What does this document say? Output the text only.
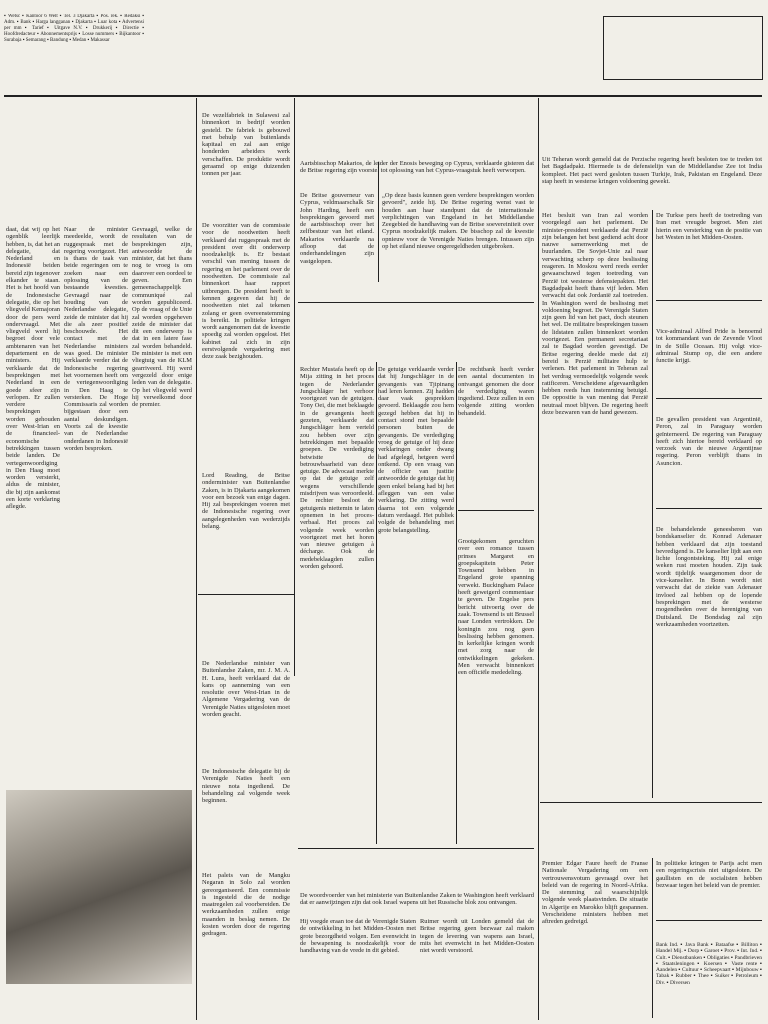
▪ Wetsc ▪ Kantoor 6 Welt ▪ Tel. 3 Djakarta ▪ Pos. rek. ▪ Redaksi ▪ Adm. ▪ Bank ▪ Harga langganan ▪ Djakarta ▪ Luar kota ▪ Advertensi per mm ▪ Tarief ▪ Uitgave N.V. ▪ Drukkerij ▪ Directie ▪ Hoofdredacteur ▪ Abonnementsprijs ▪ Losse nummers ▪ Bijkantoor ▪ Surabaja ▪ Semarang ▪ Bandung ▪ Medan ▪ Makassar
daat, dat wij op het ogenblik leerlijk hebben, is, dat het an delegatie, dat Nederland en Indonesië beiden bereid zijn tegenover elkander te staan. Het is het hoofd van de Indonesische delegatie, die op het vliegveld Kemajoran door de pers werd ondervraagd. Met vliegveld werd hij begroet door vele ambtenaren van het departement en de ministers. Hij verklaarde dat de besprekingen met Nederland in een goede sfeer zijn verlopen. Er zullen verdere besprekingen worden gehouden over West-Irian en de financieel-economische betrekkingen tussen beide landen. De vertegenwoordiging in Den Haag moet worden versterkt, aldus de minister, die bij zijn aankomst een korte verklaring aflegde.
Naar de minister meedeelde, wordt de ruggespraak met de regering voortgezet. Het is thans de taak van beide regeringen om te zoeken naar een oplossing van de bestaande kwesties. Gevraagd naar de houding van de Nederlandse delegatie, zeide de minister dat hij die als zeer positief beschouwde. Het contact met de Nederlandse ministers was goed. De minister verklaarde verder dat de Indonesische regering het voornemen heeft om de vertegenwoordiging in Den Haag te versterken. De Hoge Commissaris zal worden bijgestaan door een aantal deskundigen. Voorts zal de kwestie van de Nederlandse onderdanen in Indonesië worden besproken.
Gevraagd, welke de resultaten van de besprekingen zijn, antwoordde de minister, dat het thans nog te vroeg is om daarover een oordeel te geven. Een gemeenschappelijk communiqué zal worden gepubliceerd. Op de vraag of de Unie zal worden opgeheven zeide de minister dat dit een onderwerp is dat in een latere fase zal worden behandeld. De minister is met een vliegtuig van de KLM gearriveerd. Hij werd vergezeld door enige leden van de delegatie. Op het vliegveld werd hij verwelkomd door de premier.
De vezelfabriek in Sulawesi zal binnenkort in bedrijf worden gesteld. De fabriek is gebouwd met behulp van buitenlands kapitaal en zal aan enige honderden arbeiders werk verschaffen. De produktie wordt geraamd op enige duizenden tonnen per jaar.
De voorzitter van de commissie voor de noodwetten heeft verklaard dat ruggespraak met de president over dit onderwerp noodzakelijk is. Er bestaat verschil van mening tussen de regering en het parlement over de noodwetten. De commissie zal binnenkort haar rapport uitbrengen. De president heeft te kennen gegeven dat hij de noodwetten niet zal tekenen zolang er geen overeenstemming is bereikt. In politieke kringen wordt aangenomen dat de kwestie spoedig zal worden opgelost. Het kabinet zal zich in zijn eerstvolgende vergadering met deze zaak bezighouden.
Lord Reading, de Britse onderminister van Buitenlandse Zaken, is in Djakarta aangekomen voor een bezoek van enige dagen. Hij zal besprekingen voeren met de Indonesische regering over aangelegenheden van wederzijds belang.
De Nederlandse minister van Buitenlandse Zaken, mr. J. M. A. H. Luns, heeft verklaard dat de kans op aanneming van een resolutie over West-Irian in de Algemene Vergadering van de Verenigde Naties uitgesloten moet worden geacht.
De Indonesische delegatie bij de Verenigde Naties heeft een nieuwe nota ingediend. De behandeling zal volgende week beginnen.
Het paleis van de Mangku Negaran in Solo zal worden gereorganiseerd. Een commissie is ingesteld die de nodige maatregelen zal voorbereiden. De werkzaamheden zullen enige maanden in beslag nemen. De kosten worden door de regering gedragen.
Aartsbisschop Makarios, de leider der Enosis beweging op Cyprus, verklaarde gisteren dat de Britse regering zijn voorstel tot oplossing van het Cyprus-vraagstuk heeft verworpen.
De Britse gouverneur van Cyprus, veldmaarschalk Sir John Harding, heeft een besprekingen gevoerd met de aartsbisschop over het zelfbestuur van het eiland. Makarios verklaarde na afloop dat de onderhandelingen zijn vastgelopen.
„Op deze basis kunnen geen verdere besprekingen worden gevoerd", zeide hij. De Britse regering wenst vast te houden aan haar standpunt dat de internationale verplichtingen van Engeland in het Middellandse Zeegebied de handhaving van de Britse soevereiniteit over Cyprus noodzakelijk maken. De bisschop zal de kwestie opnieuw voor de Verenigde Naties brengen. Intussen zijn op het eiland nieuwe ongeregeldheden uitgebroken.
Rechter Mustafa heeft op de Mija zitting in het proces tegen de Nederlander Jungschläger het verhoor voortgezet van de getuigen. Tony Oei, die met beklaagde in de gevangenis heeft gezeten, verklaarde dat Jungschläger hem verteld zou hebben over zijn betrekkingen met bepaalde groepen. De verdediging betwistte de betrouwbaarheid van deze getuige. De advocaat merkte op dat de getuige zelf wegens verschillende misdrijven was veroordeeld. De rechter besloot de getuigenis niettemin te laten opnemen in het proces-verbaal. Het proces zal volgende week worden voortgezet met het horen van nieuwe getuigen à décharge. Ook de medebeklaagden zullen worden gehoord.
De getuige verklaarde verder dat hij Jungschläger in de gevangenis van Tjipinang had leren kennen. Zij hadden daar vaak gesprekken gevoerd. Beklaagde zou hem gezegd hebben dat hij in contact stond met bepaalde personen buiten de gevangenis. De verdediging vroeg de getuige of hij deze verklaringen onder dwang had afgelegd, hetgeen werd ontkend. Op een vraag van de officier van justitie antwoordde de getuige dat hij geen enkel belang had bij het afleggen van een valse verklaring. De zitting werd daarna tot een volgende datum verdaagd. Het publiek volgde de behandeling met grote belangstelling.
De rechtbank heeft verder een aantal documenten in ontvangst genomen die door de verdediging waren ingediend. Deze zullen in een volgende zitting worden behandeld.
Grootgekomen geruchten over een romance tussen prinses Margaret en groepskapitein Peter Townsend hebben in Engeland grote spanning verwekt. Buckingham Palace heeft geweigerd commentaar te geven. De Engelse pers bericht uitvoerig over de zaak. Townsend is uit Brussel naar Londen vertrokken. De koningin zou nog geen beslissing hebben genomen. In kerkelijke kringen wordt met zorg naar de ontwikkelingen gekeken. Men verwacht binnenkort een officiële mededeling.
De woordvoerder van het ministerie van Buitenlandse Zaken te Washington heeft verklaard dat er aanwijzingen zijn dat ook Israel wapens uit het Russische blok zou ontvangen.
Hij voegde eraan toe dat de Verenigde Staten de ontwikkeling in het Midden-Oosten met grote bezorgdheid volgen. Een evenwicht in de bewapening is noodzakelijk voor de handhaving van de vrede in dit gebied.
Ruimer wordt uit Londen gemeld dat de Britse regering geen bezwaar zal maken tegen de levering van wapens aan Israel, mits het evenwicht in het Midden-Oosten niet wordt verstoord.
Uit Teheran wordt gemeld dat de Perzische regering heeft besloten toe te treden tot het Bagdadpakt. Hiermede is de defensielijn van de Middellandse Zee tot India kompleet. Het pact werd gesloten tussen Turkije, Irak, Pakistan en Engeland. Deze stap heeft in westerse kringen voldoening gewekt.
Het besluit van Iran zal worden voorgelegd aan het parlement. De minister-president verklaarde dat Perzië zijn belangen het best gediend acht door nauwe samenwerking met de buurlanden. De Sovjet-Unie zal naar verwachting scherp op deze beslissing reageren. In Moskou werd reeds eerder gewaarschuwd tegen toetreding van Perzië tot westerse defensiepakten. Het Bagdadpakt heeft thans vijf leden. Men verwacht dat ook Jordanië zal toetreden. In Washington werd de beslissing met voldoening begroet. De Verenigde Staten zijn geen lid van het pact, doch steunen het wel. De militaire besprekingen tussen de lidstaten zullen binnenkort worden voortgezet. Een permanent secretariaat zal te Bagdad worden gevestigd. De Britse regering deelde mede dat zij bereid is Perzië militaire hulp te verlenen. Het parlement in Teheran zal het verdrag vermoedelijk volgende week ratificeren. Verscheidene afgevaardigden hebben reeds hun instemming betuigd. De oppositie is van mening dat Perzië neutraal moet blijven. De regering heeft deze bezwaren van de hand gewezen.
De Turkse pers heeft de toetreding van Iran met vreugde begroet. Men ziet hierin een versterking van de positie van het Westen in het Midden-Oosten.
Vice-admiraal Alfred Pride is benoemd tot kommandant van de Zevende Vloot in de Stille Oceaan. Hij volgt vice-admiraal Stump op, die een andere functie krijgt.
De gevallen president van Argentinië, Peron, zal in Paraguay worden geïnterneerd. De regering van Paraguay heeft zich hiertoe bereid verklaard op verzoek van de nieuwe Argentijnse regering. Peron verblijft thans in Asuncion.
De behandelende geneesheren van bondskanselier dr. Konrad Adenauer hebben verklaard dat zijn toestand bevredigend is. De kanselier lijdt aan een lichte longontsteking. Hij zal enige weken rust moeten houden. Zijn taak wordt tijdelijk waargenomen door de vice-kanselier. In Bonn wordt niet verwacht dat de ziekte van Adenauer invloed zal hebben op de lopende besprekingen met de westerse mogendheden over de hereniging van Duitsland. De Bondsdag zal zijn werkzaamheden voortzetten.
Premier Edgar Faure heeft de Franse Nationale Vergadering om een vertrouwensvotum gevraagd over het beleid van de regering in Noord-Afrika. De stemming zal waarschijnlijk volgende week plaatsvinden. De situatie in Algerije en Marokko blijft gespannen. Verscheidene ministers hebben met aftreden gedreigd.
In politieke kringen te Parijs acht men een regeringscrisis niet uitgesloten. De gaullisten en de socialisten hebben bezwaar tegen het beleid van de premier.
Bank Ind. ▪ Java Bank ▪ Bataafse ▪ Billiton ▪ Handel Mij. ▪ Dorp ▪ Garoet ▪ Prov. ▪ Int. Ind. ▪ Cult. ▪ Dienstbanken ▪ Obligaties ▪ Pandbrieven ▪ Staatsleningen ▪ Koersen ▪ Vaste rente ▪ Aandelen ▪ Cultuur ▪ Scheepvaart ▪ Mijnbouw ▪ Tabak ▪ Rubber ▪ Thee ▪ Suiker ▪ Petroleum ▪ Div. ▪ Diversen
